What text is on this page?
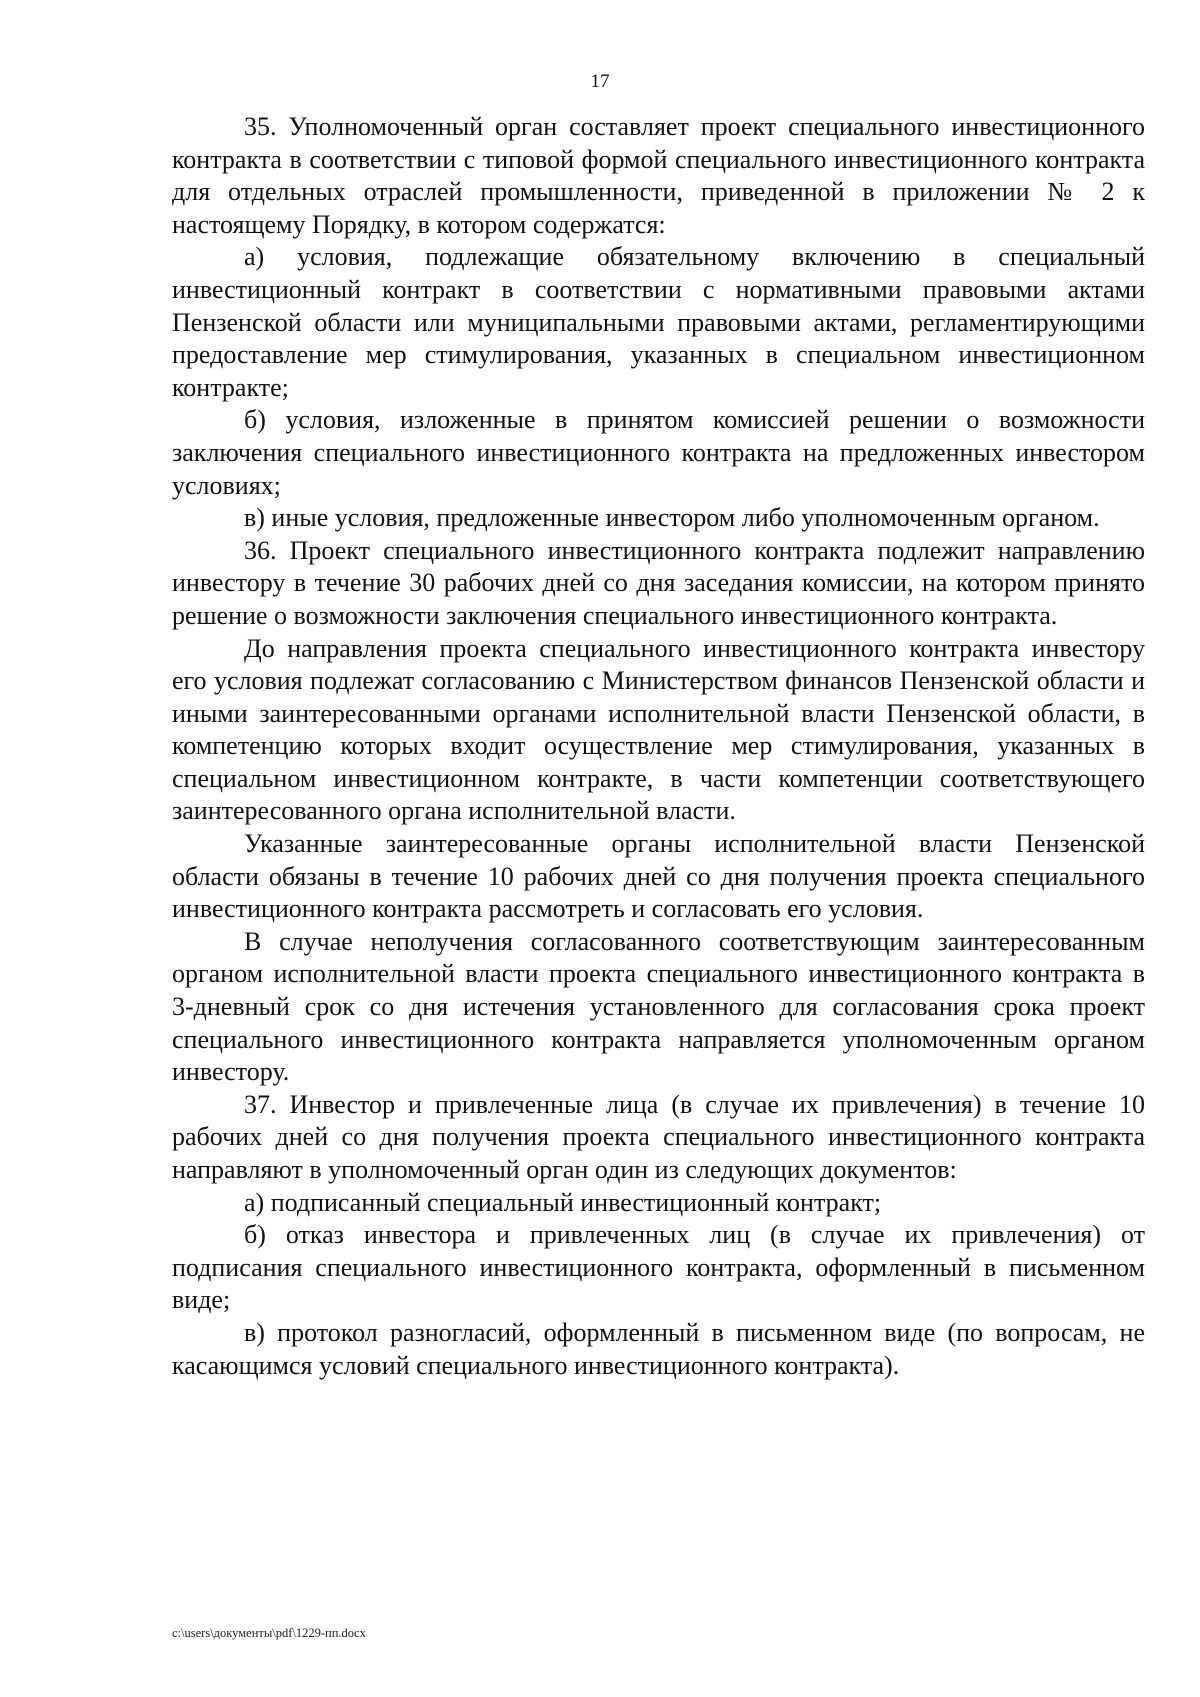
17

35. Уполномоченный орган составляет проект специального инвестиционного контракта в соответствии с типовой формой специального инвестиционного контракта для отдельных отраслей промышленности, приведенной в приложении № 2 к настоящему Порядку, в котором содержатся:

а) условия, подлежащие обязательному включению в специальный инвестиционный контракт в соответствии с нормативными правовыми актами Пензенской области или муниципальными правовыми актами, регламентирующими предоставление мер стимулирования, указанных в специальном инвестиционном контракте;

б) условия, изложенные в принятом комиссией решении о возможности заключения специального инвестиционного контракта на предложенных инвестором условиях;

в) иные условия, предложенные инвестором либо уполномоченным органом.

36. Проект специального инвестиционного контракта подлежит направлению инвестору в течение 30 рабочих дней со дня заседания комиссии, на котором принято решение о возможности заключения специального инвестиционного контракта.

До направления проекта специального инвестиционного контракта инвестору его условия подлежат согласованию с Министерством финансов Пензенской области и иными заинтересованными органами исполнительной власти Пензенской области, в компетенцию которых входит осуществление мер стимулирования, указанных в специальном инвестиционном контракте, в части компетенции соответствующего заинтересованного органа исполнительной власти.

Указанные заинтересованные органы исполнительной власти Пензенской области обязаны в течение 10 рабочих дней со дня получения проекта специального инвестиционного контракта рассмотреть и согласовать его условия.

В случае неполучения согласованного соответствующим заинтересованным органом исполнительной власти проекта специального инвестиционного контракта в 3-дневный срок со дня истечения установленного для согласования срока проект специального инвестиционного контракта направляется уполномоченным органом инвестору.

37. Инвестор и привлеченные лица (в случае их привлечения) в течение 10 рабочих дней со дня получения проекта специального инвестиционного контракта направляют в уполномоченный орган один из следующих документов:

а) подписанный специальный инвестиционный контракт;

б) отказ инвестора и привлеченных лиц (в случае их привлечения) от подписания специального инвестиционного контракта, оформленный в письменном виде;

в) протокол разногласий, оформленный в письменном виде (по вопросам, не касающимся условий специального инвестиционного контракта).

c:\users\документы\pdf\1229-пп.docx
